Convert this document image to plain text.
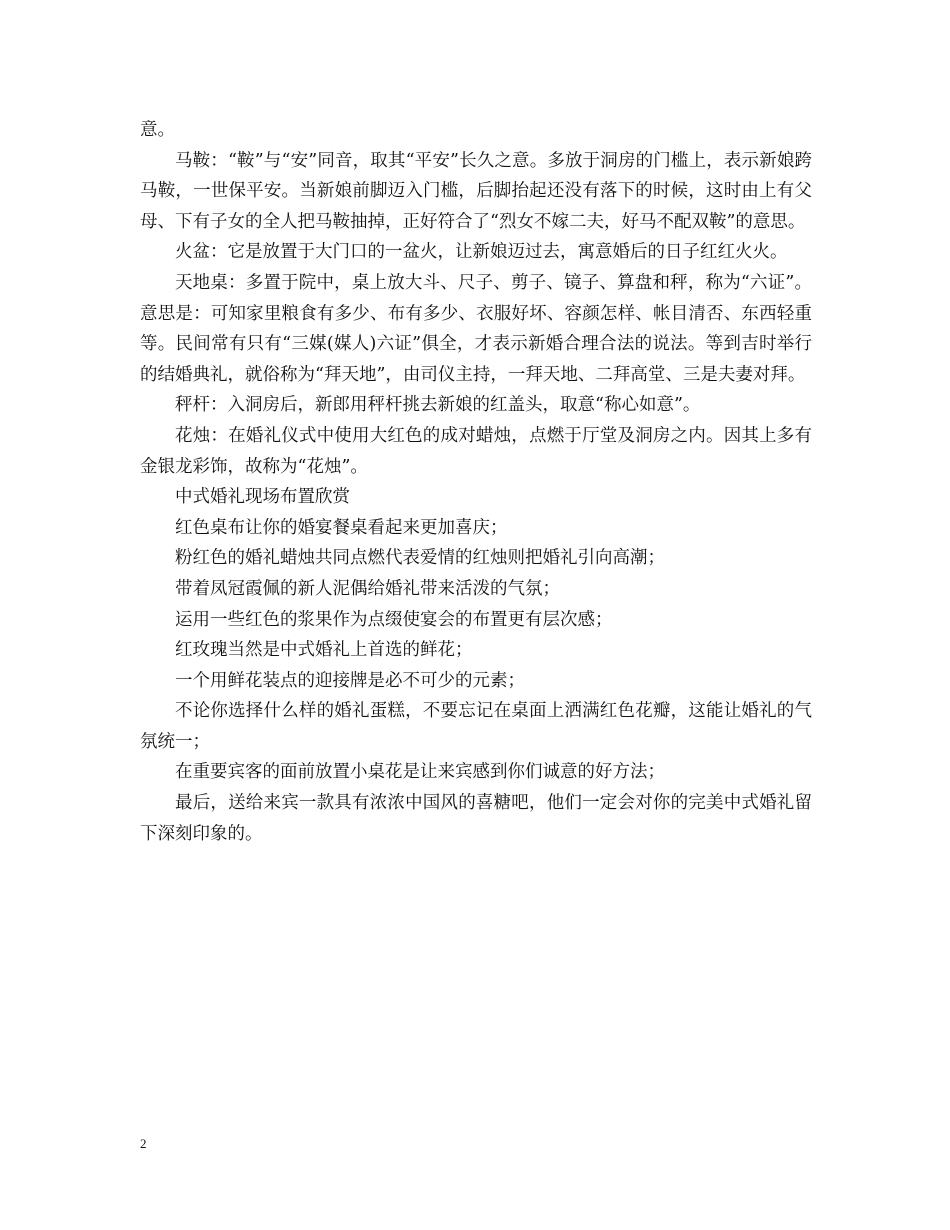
意。

马鞍：“鞍”与“安”同音，取其“平安”长久之意。多放于洞房的门槛上，表示新娘跨马鞍，一世保平安。当新娘前脚迈入门槛，后脚抬起还没有落下的时候，这时由上有父母、下有子女的全人把马鞍抽掉，正好符合了“烈女不嫁二夫，好马不配双鞍”的意思。

火盆：它是放置于大门口的一盆火，让新娘迈过去，寓意婚后的日子红红火火。

天地桌：多置于院中，桌上放大斗、尺子、剪子、镜子、算盘和秤，称为“六证”。意思是：可知家里粮食有多少、布有多少、衣服好坏、容颜怎样、帐目清否、东西轻重等。民间常有只有“三媒(媒人)六证”俱全，才表示新婚合理合法的说法。等到吉时举行的结婚典礼，就俗称为“拜天地”，由司仪主持，一拜天地、二拜高堂、三是夫妻对拜。

秤杆：入洞房后，新郎用秤杆挑去新娘的红盖头，取意“称心如意”。

花烛：在婚礼仪式中使用大红色的成对蜡烛，点燃于厅堂及洞房之内。因其上多有金银龙彩饰，故称为“花烛”。

中式婚礼现场布置欣赏

红色桌布让你的婚宴餐桌看起来更加喜庆；

粉红色的婚礼蜡烛共同点燃代表爱情的红烛则把婚礼引向高潮；

带着凤冠霞佩的新人泥偶给婚礼带来活泼的气氛；

运用一些红色的浆果作为点缀使宴会的布置更有层次感；

红玫瑰当然是中式婚礼上首选的鲜花；

一个用鲜花装点的迎接牌是必不可少的元素；

不论你选择什么样的婚礼蛋糕，不要忘记在桌面上洒满红色花瓣，这能让婚礼的气氛统一；

在重要宾客的面前放置小桌花是让来宾感到你们诚意的好方法；

最后，送给来宾一款具有浓浓中国风的喜糖吧，他们一定会对你的完美中式婚礼留下深刻印象的。

2
